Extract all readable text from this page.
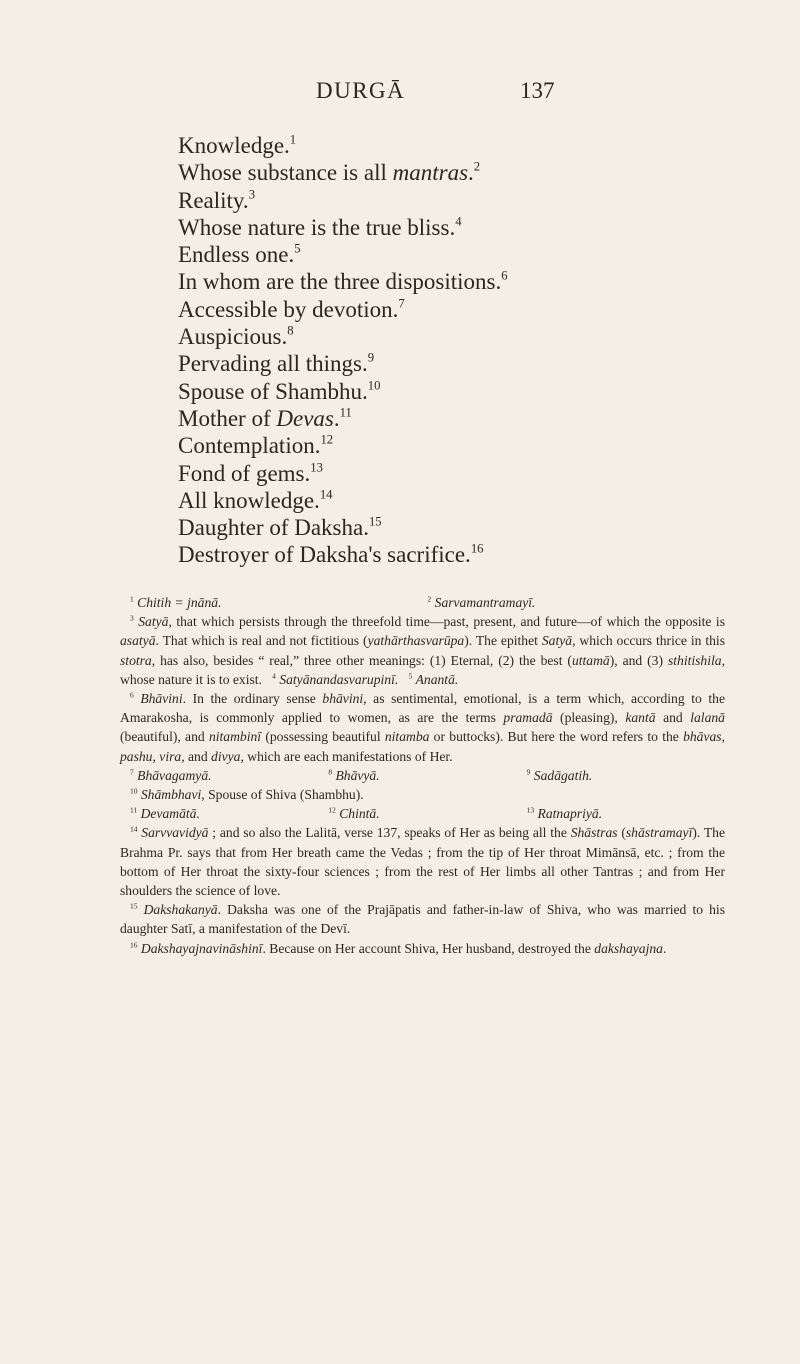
DURGĀ	137
Knowledge.$^1$
Whose substance is all mantras.$^2$
Reality.$^3$
Whose nature is the true bliss.$^4$
Endless one.$^5$
In whom are the three dispositions.$^6$
Accessible by devotion.$^7$
Auspicious.$^8$
Pervading all things.$^9$
Spouse of Shambhu.$^{10}$
Mother of Devas.$^{11}$
Contemplation.$^{12}$
Fond of gems.$^{13}$
All knowledge.$^{14}$
Daughter of Daksha.$^{15}$
Destroyer of Daksha's sacrifice.$^{16}$
$^1$ Chitih = jnānā.	$^2$ Sarvamantramayī.
$^3$ Satyā, that which persists through the threefold time—past, present, and future—of which the opposite is asatyā. That which is real and not fictitious (yathārthasvarūpa). The epithet Satyā, which occurs thrice in this stotra, has also, besides “ real,” three other meanings: (1) Eternal, (2) the best (uttamā), and (3) sthitishila, whose nature it is to exist. $^4$ Satyānandasvarupinī. $^5$ Anantā.
$^6$ Bhāvini. In the ordinary sense bhāvini, as sentimental, emotional, is a term which, according to the Amarakosha, is commonly applied to women, as are the terms pramadā (pleasing), kantā and lalanā (beautiful), and nitambinī (possessing beautiful nitamba or buttocks). But here the word refers to the bhāvas, pashu, vira, and divya, which are each manifestations of Her.
$^7$ Bhāvagamyā.	$^8$ Bhāvyā.	$^9$ Sadāgatih.
$^{10}$ Shāmbhavi, Spouse of Shiva (Shambhu).
$^{11}$ Devamātā.	$^{12}$ Chintā.	$^{13}$ Ratnapriyā.
$^{14}$ Sarvvavidyā ; and so also the Lalitā, verse 137, speaks of Her as being all the Shāstras (shāstramayī). The Brahma Pr. says that from Her breath came the Vedas ; from the tip of Her throat Mimānsā, etc. ; from the bottom of Her throat the sixty-four sciences ; from the rest of Her limbs all other Tantras ; and from Her shoulders the science of love.
$^{15}$ Dakshakanyā. Daksha was one of the Prajāpatis and father-in-law of Shiva, who was married to his daughter Satī, a manifestation of the Devī.
$^{16}$ Dakshayajnavināshinī. Because on Her account Shiva, Her husband, destroyed the dakshayajna.
